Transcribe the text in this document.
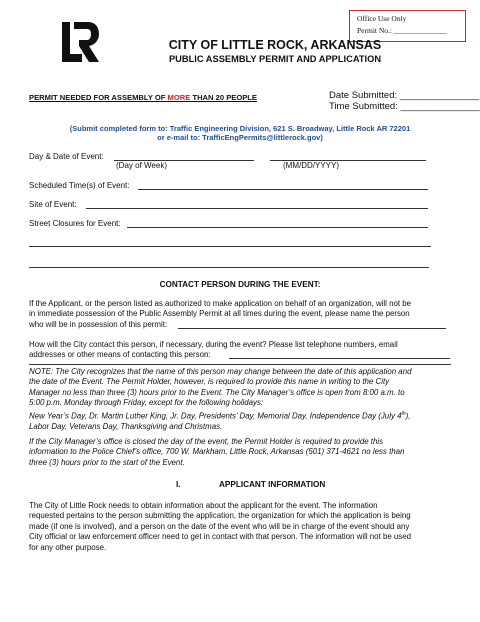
Office Use Only
Permit No.: ______________
CITY OF LITTLE ROCK, ARKANSAS
PUBLIC ASSEMBLY PERMIT AND APPLICATION
PERMIT NEEDED FOR ASSEMBLY OF MORE THAN 20 PEOPLE	Date Submitted: _______________
Time Submitted: _______________
(Submit completed form to: Traffic Engineering Division, 621 S. Broadway, Little Rock AR 72201
or e-mail to: TrafficEngPermits@littlerock.gov)
Day & Date of Event:
(Day of Week)	(MM/DD/YYYY)
Scheduled Time(s) of Event:
Site of Event:
Street Closures for Event:
CONTACT PERSON DURING THE EVENT:
If the Applicant, or the person listed as authorized to make application on behalf of an organization, will not be
in immediate possession of the Public Assembly Permit at all times during the event, please name the person
who will be in possession of this permit:
How will the City contact this person, if necessary, during the event? Please list telephone numbers, email
addresses or other means of contacting this person:
NOTE: The City recognizes that the name of this person may change between the date of this application and
the date of the Event. The Permit Holder, however, is required to provide this name in writing to the City
Manager no less than three (3) hours prior to the Event. The City Manager’s office is open from 8:00 a.m. to
5:00 p.m. Monday through Friday, except for the following holidays:
New Year’s Day, Dr. Martin Luther King, Jr. Day, Presidents’ Day, Memorial Day, Independence Day (July 4th),
Labor Day, Veterans Day, Thanksgiving and Christmas.
If the City Manager’s office is closed the day of the event, the Permit Holder is required to provide this
information to the Police Chief’s office, 700 W. Markham, Little Rock, Arkansas (501) 371-4621 no less than
three (3) hours prior to the start of the Event.
I.	APPLICANT INFORMATION
The City of Little Rock needs to obtain information about the applicant for the event. The information
requested pertains to the person submitting the application, the organization for which the application is being
made (if one is involved), and a person on the date of the event who will be in charge of the event should any
City official or law enforcement officer need to get in contact with that person. The information will not be used
for any other purpose.
